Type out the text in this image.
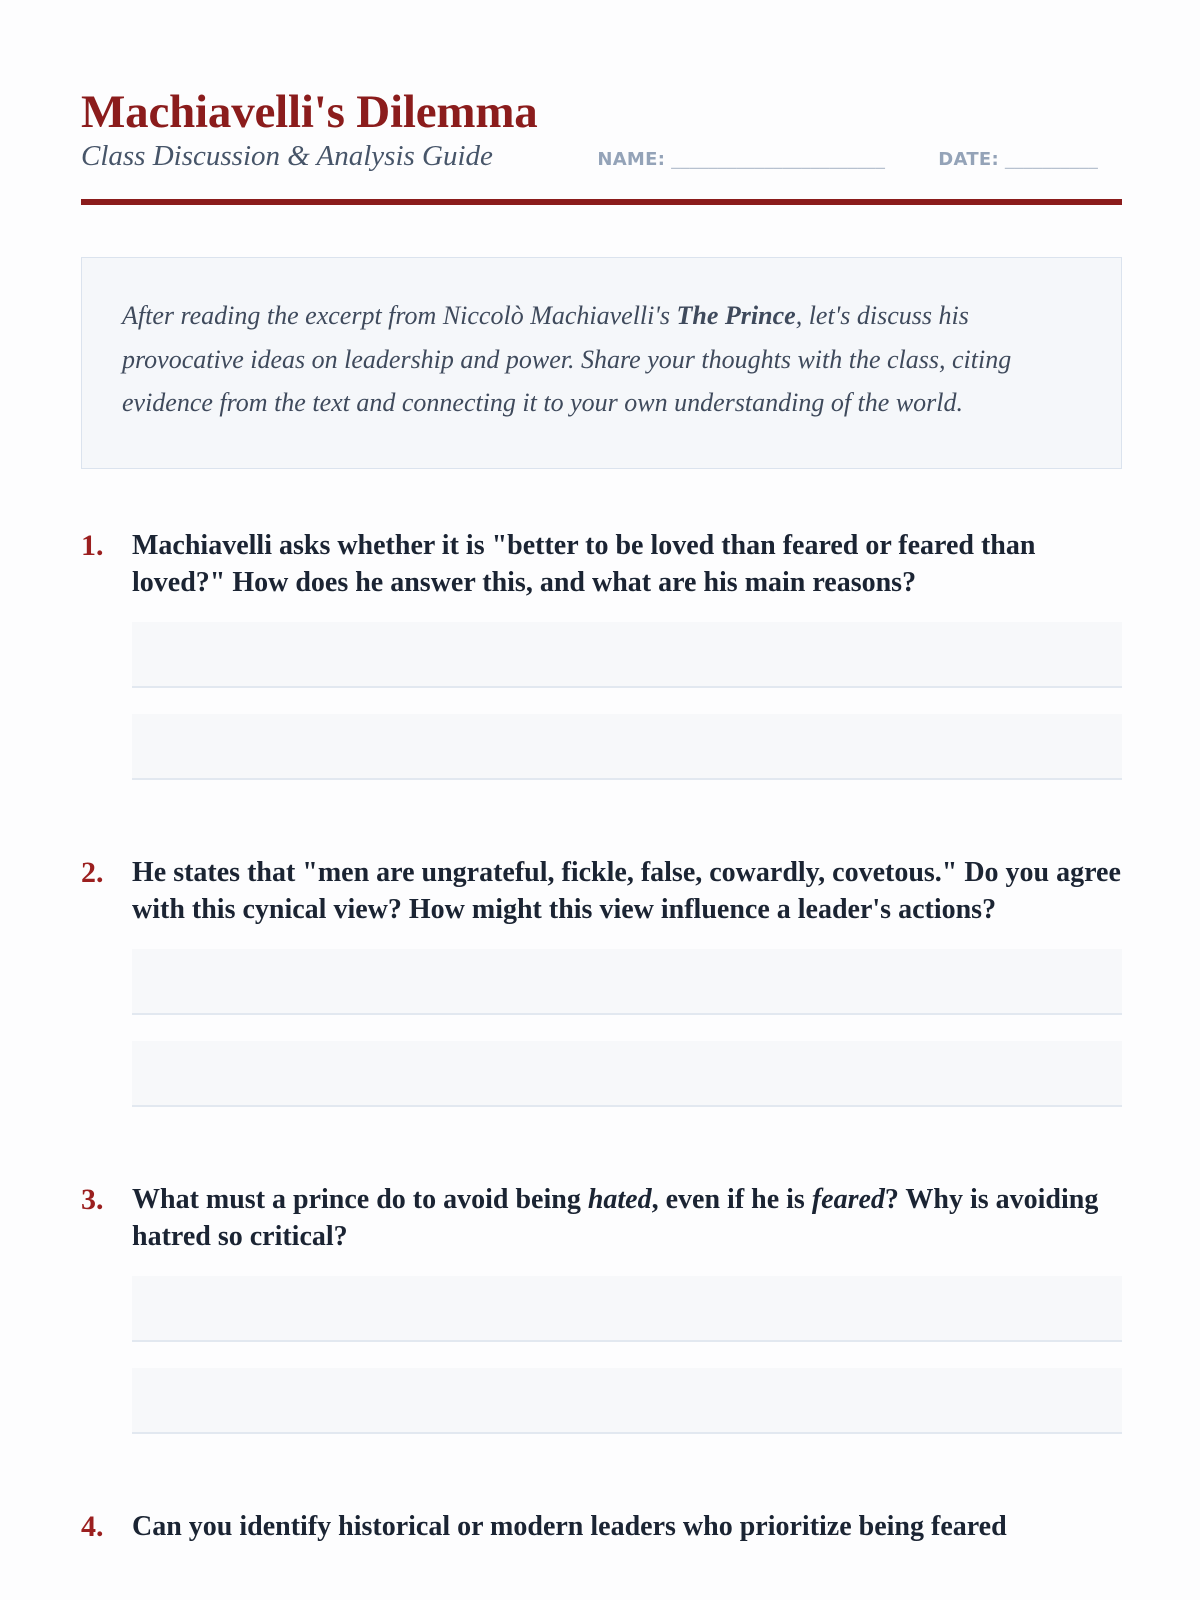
Machiavelli's Dilemma
Class Discussion & Analysis Guide	NAME: _______________________	DATE: __________
After reading the excerpt from Niccolò Machiavelli's The Prince, let's discuss his provocative ideas on leadership and power. Share your thoughts with the class, citing evidence from the text and connecting it to your own understanding of the world.
1.	Machiavelli asks whether it is "better to be loved than feared or feared than loved?" How does he answer this, and what are his main reasons?
2.	He states that "men are ungrateful, fickle, false, cowardly, covetous." Do you agree with this cynical view? How might this view influence a leader's actions?
3.	What must a prince do to avoid being hated, even if he is feared? Why is avoiding hatred so critical?
4.	Can you identify historical or modern leaders who prioritize being feared
